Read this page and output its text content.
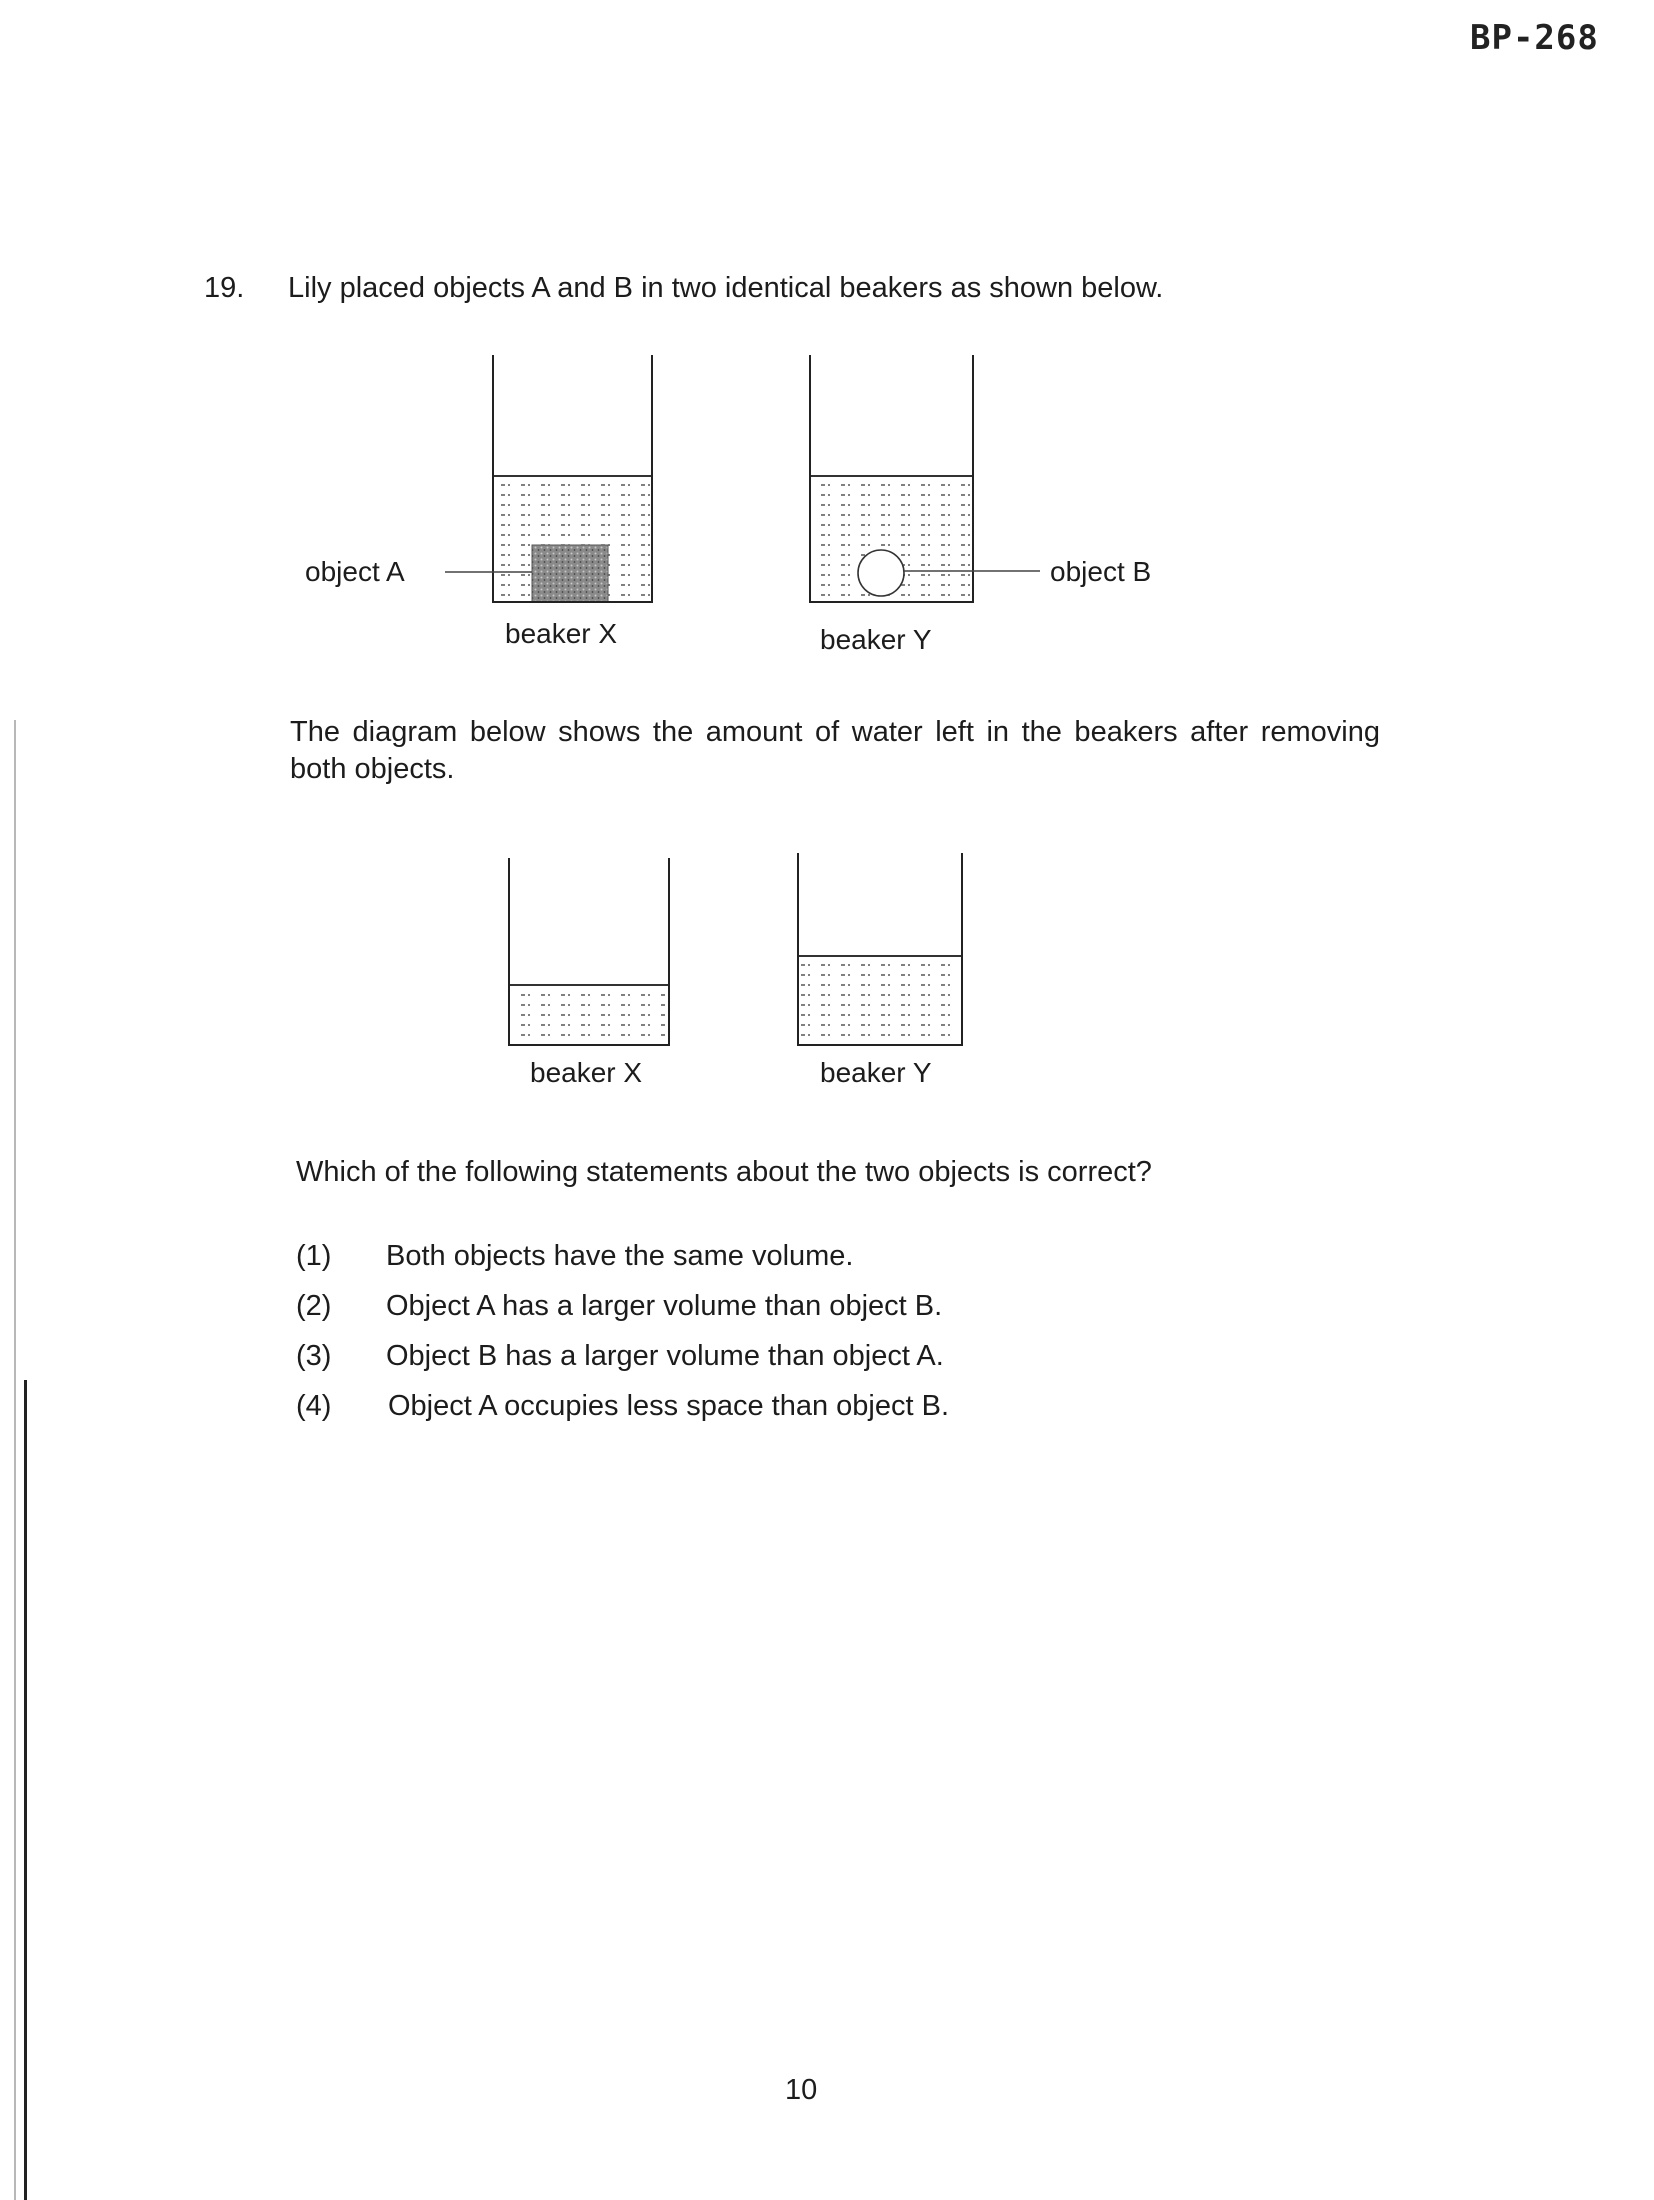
BP-268
19. Lily placed objects A and B in two identical beakers as shown below.
object A	object B
beaker X	beaker Y
The diagram below shows the amount of water left in the beakers after removing both objects.
beaker X	beaker Y
Which of the following statements about the two objects is correct?
(1) Both objects have the same volume.
(2) Object A has a larger volume than object B.
(3) Object B has a larger volume than object A.
(4) Object A occupies less space than object B.
10
